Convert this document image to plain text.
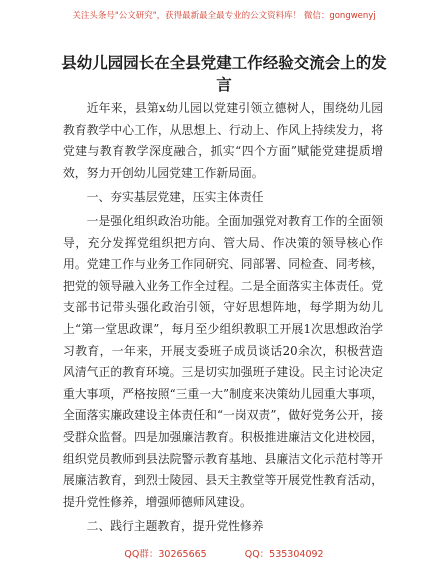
关注头条号"公文研究"，获得最新最全最专业的公文资料库！ 微信：gongwenyj
县幼儿园园长在全县党建工作经验交流会上的发言

近年来，县第x幼儿园以党建引领立德树人，围绕幼儿园教育教学中心工作，从思想上、行动上、作风上持续发力，将党建与教育教学深度融合，抓实“四个方面”赋能党建提质增效，努力开创幼儿园党建工作新局面。

一、夯实基层党建，压实主体责任

一是强化组织政治功能。全面加强党对教育工作的全面领导，充分发挥党组织把方向、管大局、作决策的领导核心作用。党建工作与业务工作同研究、同部署、同检查、同考核，把党的领导融入业务工作全过程。二是全面落实主体责任。党支部书记带头强化政治引领，守好思想阵地，每学期为幼儿上“第一堂思政课”，每月至少组织教职工开展1次思想政治学习教育，一年来，开展支委班子成员谈话20余次，积极营造风清气正的教育环境。三是切实加强班子建设。民主讨论决定重大事项，严格按照“三重一大”制度来决策幼儿园重大事项，全面落实廉政建设主体责任和“一岗双责”，做好党务公开，接受群众监督。四是加强廉洁教育。积极推进廉洁文化进校园，组织党员教师到县法院警示教育基地、县廉洁文化示范村等开展廉洁教育，到烈士陵园、县天主教堂等开展党性教育活动，提升党性修养，增强师德师风建设。

二、践行主题教育，提升党性修养

QQ群：30265665	QQ：535304092
